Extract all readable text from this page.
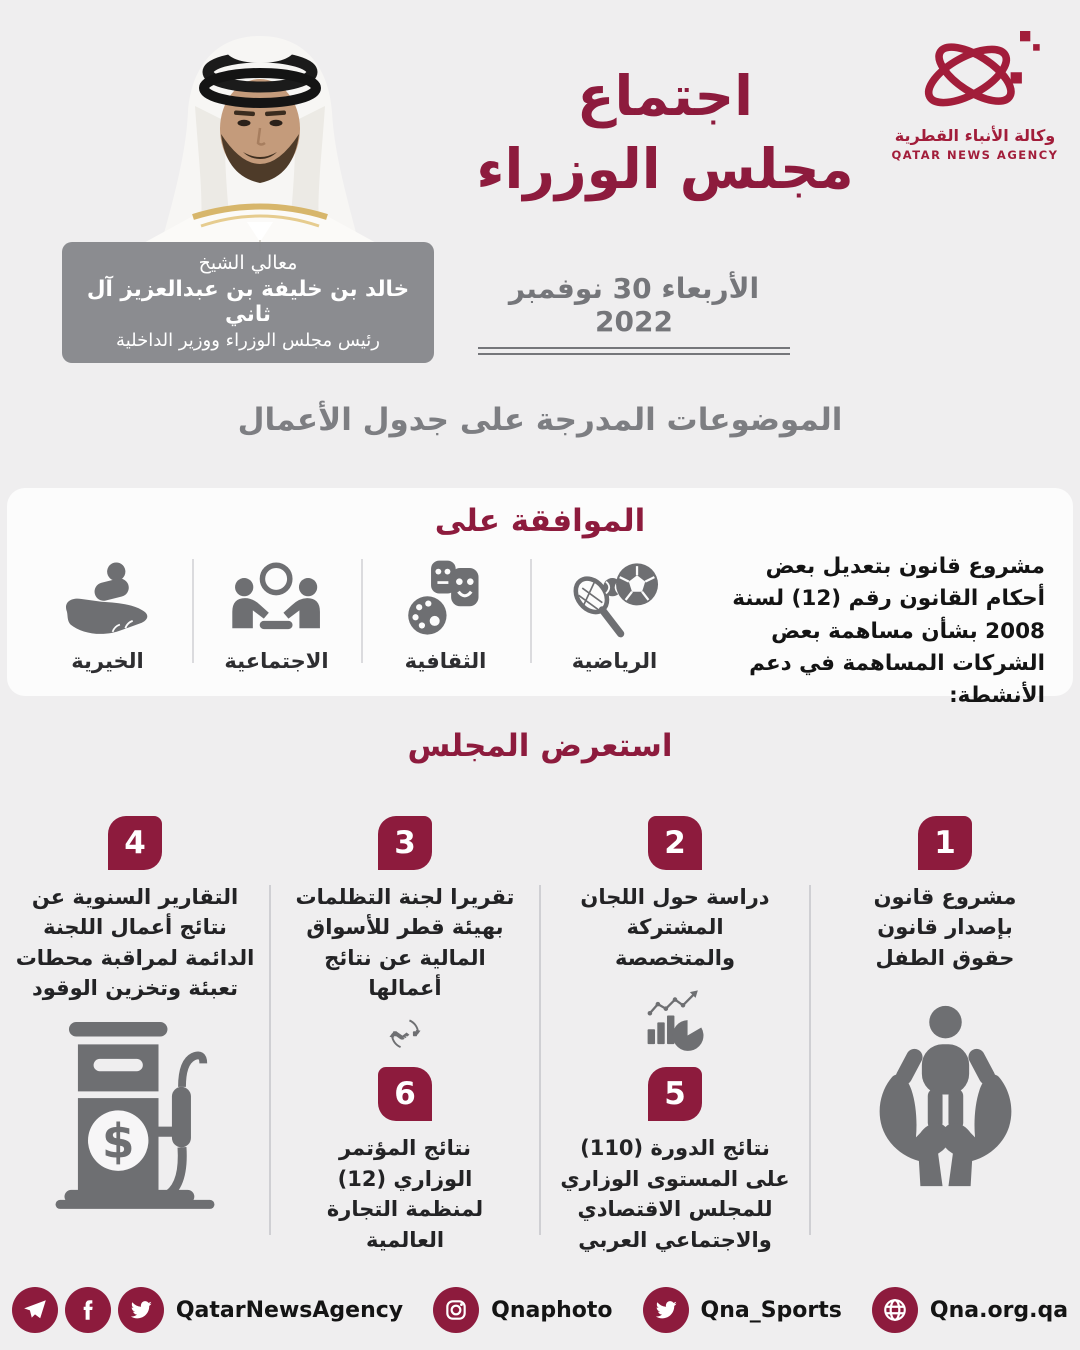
معالي الشيخ
خالد بن خليفة بن عبدالعزيز آل ثاني
رئيس مجلس الوزراء ووزير الداخلية
اجتماع
مجلس الوزراء
الأربعاء 30 نوفمبر 2022
وكالة الأنباء القطرية
QATAR NEWS AGENCY
الموضوعات المدرجة على جدول الأعمال
الموافقة على
مشروع قانون بتعديل بعض أحكام القانون رقم (12) لسنة 2008 بشأن مساهمة بعض الشركات المساهمة في دعم الأنشطة:
الرياضية
الثقافية
الاجتماعية
الخيرية
استعرض المجلس
1
مشروع قانون بإصدار قانون حقوق الطفل
2
دراسة حول اللجان المشتركة والمتخصصة
5
نتائج الدورة (110) على المستوى الوزاري للمجلس الاقتصادي والاجتماعي العربي
3
تقريرا لجنة التظلمات بهيئة قطر للأسواق المالية عن نتائج أعمالها
6
نتائج المؤتمر الوزاري (12) لمنظمة التجارة العالمية
4
التقارير السنوية عن نتائج أعمال اللجنة الدائمة لمراقبة محطات تعبئة وتخزين الوقود
$
QatarNewsAgency	Qnaphoto	Qna_Sports	Qna.org.qa
